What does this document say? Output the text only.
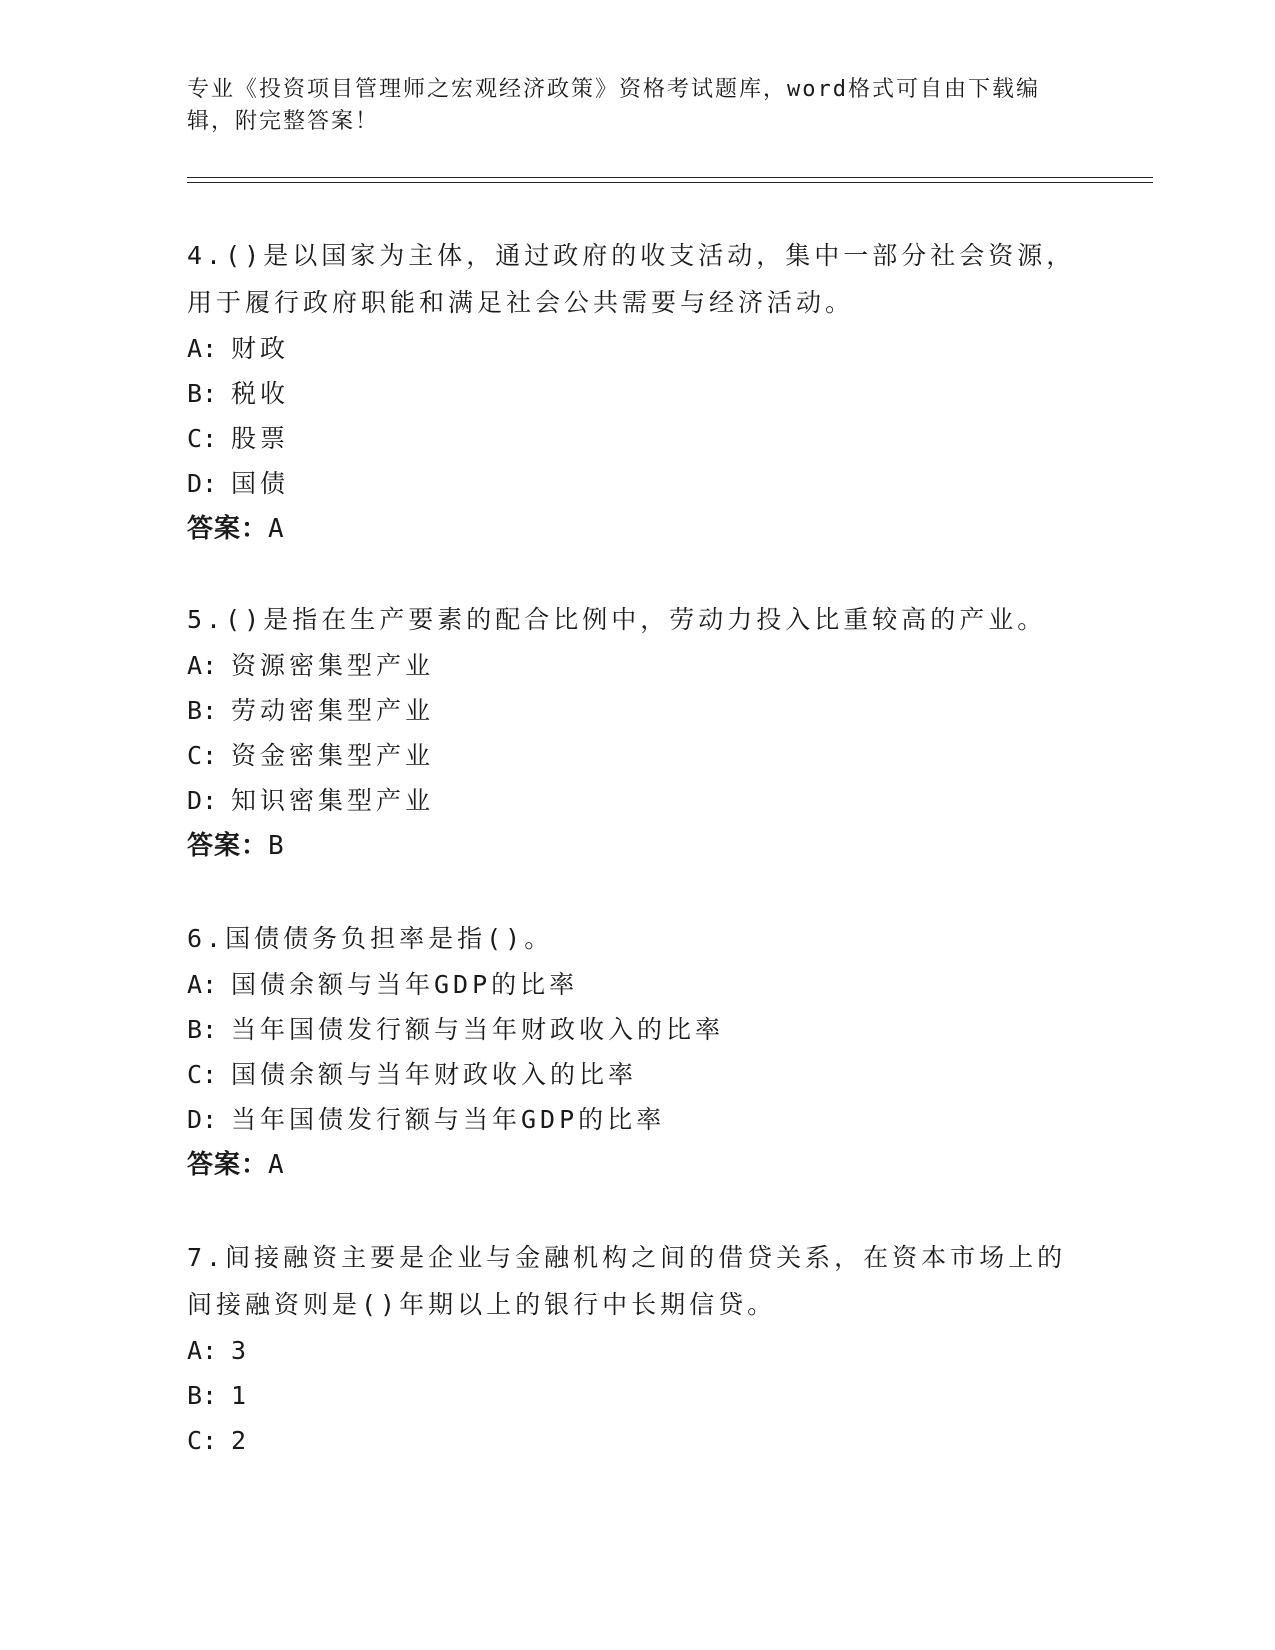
专业《投资项目管理师之宏观经济政策》资格考试题库，word格式可自由下载编辑，附完整答案！

4.()是以国家为主体，通过政府的收支活动，集中一部分社会资源，用于履行政府职能和满足社会公共需要与经济活动。

A: 财政
B: 税收
C: 股票
D: 国债
答案：A

5.()是指在生产要素的配合比例中，劳动力投入比重较高的产业。

A: 资源密集型产业
B: 劳动密集型产业
C: 资金密集型产业
D: 知识密集型产业
答案：B

6.国债债务负担率是指()。

A: 国债余额与当年GDP的比率
B: 当年国债发行额与当年财政收入的比率
C: 国债余额与当年财政收入的比率
D: 当年国债发行额与当年GDP的比率
答案：A

7.间接融资主要是企业与金融机构之间的借贷关系，在资本市场上的间接融资则是()年期以上的银行中长期信贷。

A: 3
B: 1
C: 2
